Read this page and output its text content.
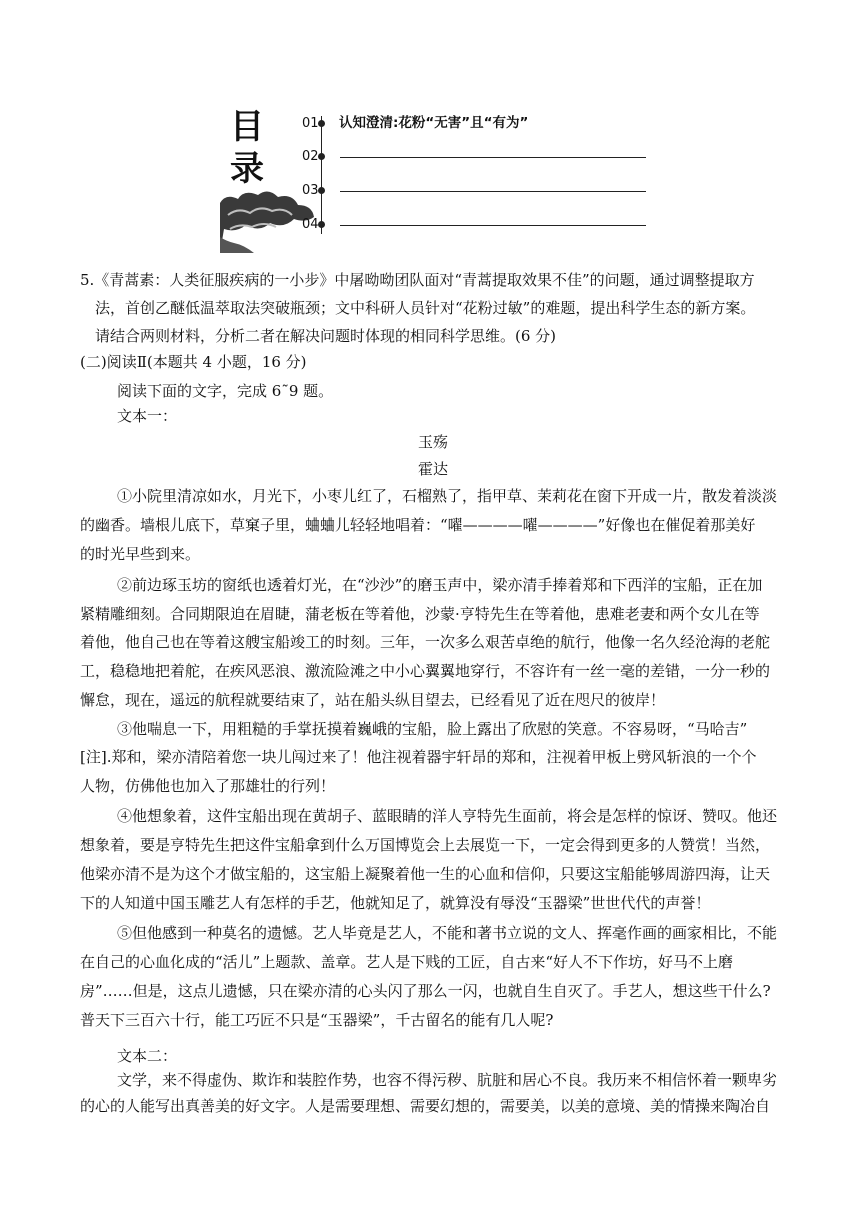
目
录
01
02
03
04
认知澄清:花粉“无害”且“有为”
5.《青蒿素：人类征服疾病的一小步》中屠呦呦团队面对“青蒿提取效果不佳”的问题，通过调整提取方
法，首创乙醚低温萃取法突破瓶颈；文中科研人员针对“花粉过敏”的难题，提出科学生态的新方案。
请结合两则材料，分析二者在解决问题时体现的相同科学思维。(6 分)
(二)阅读Ⅱ(本题共 4 小题，16 分)
阅读下面的文字，完成 6˜9 题。
文本一：
玉殇
霍达
①小院里清凉如水，月光下，小枣儿红了，石榴熟了，指甲草、茉莉花在窗下开成一片，散发着淡淡
的幽香。墙根儿底下，草窠子里，蛐蛐儿轻轻地唱着：“嚁————嚁————”好像也在催促着那美好
的时光早些到来。
②前边琢玉坊的窗纸也透着灯光，在“沙沙”的磨玉声中，梁亦清手捧着郑和下西洋的宝船，正在加
紧精雕细刻。合同期限迫在眉睫，蒲老板在等着他，沙蒙·亨特先生在等着他，患难老妻和两个女儿在等
着他，他自己也在等着这艘宝船竣工的时刻。三年，一次多么艰苦卓绝的航行，他像一名久经沧海的老舵
工，稳稳地把着舵，在疾风恶浪、激流险滩之中小心翼翼地穿行，不容许有一丝一毫的差错，一分一秒的
懈怠，现在，遥远的航程就要结束了，站在船头纵目望去，已经看见了近在咫尺的彼岸！
③他喘息一下，用粗糙的手掌抚摸着巍峨的宝船，脸上露出了欣慰的笑意。不容易呀，“马哈吉”
[注].郑和，梁亦清陪着您一块儿闯过来了！他注视着器宇轩昂的郑和，注视着甲板上劈风斩浪的一个个
人物，仿佛他也加入了那雄壮的行列！
④他想象着，这件宝船出现在黄胡子、蓝眼睛的洋人亨特先生面前，将会是怎样的惊讶、赞叹。他还
想象着，要是亨特先生把这件宝船拿到什么万国博览会上去展览一下，一定会得到更多的人赞赏！当然，
他梁亦清不是为这个才做宝船的，这宝船上凝聚着他一生的心血和信仰，只要这宝船能够周游四海，让天
下的人知道中国玉雕艺人有怎样的手艺，他就知足了，就算没有辱没“玉器梁”世世代代的声誉！
⑤但他感到一种莫名的遗憾。艺人毕竟是艺人，不能和著书立说的文人、挥毫作画的画家相比，不能
在自己的心血化成的“活儿”上题款、盖章。艺人是下贱的工匠，自古来“好人不下作坊，好马不上磨
房”……但是，这点儿遗憾，只在梁亦清的心头闪了那么一闪，也就自生自灭了。手艺人，想这些干什么?
普天下三百六十行，能工巧匠不只是“玉器梁”，千古留名的能有几人呢?
文本二：
文学，来不得虚伪、欺诈和装腔作势，也容不得污秽、肮脏和居心不良。我历来不相信怀着一颗卑劣
的心的人能写出真善美的好文字。人是需要理想、需要幻想的，需要美，以美的意境、美的情操来陶冶自
